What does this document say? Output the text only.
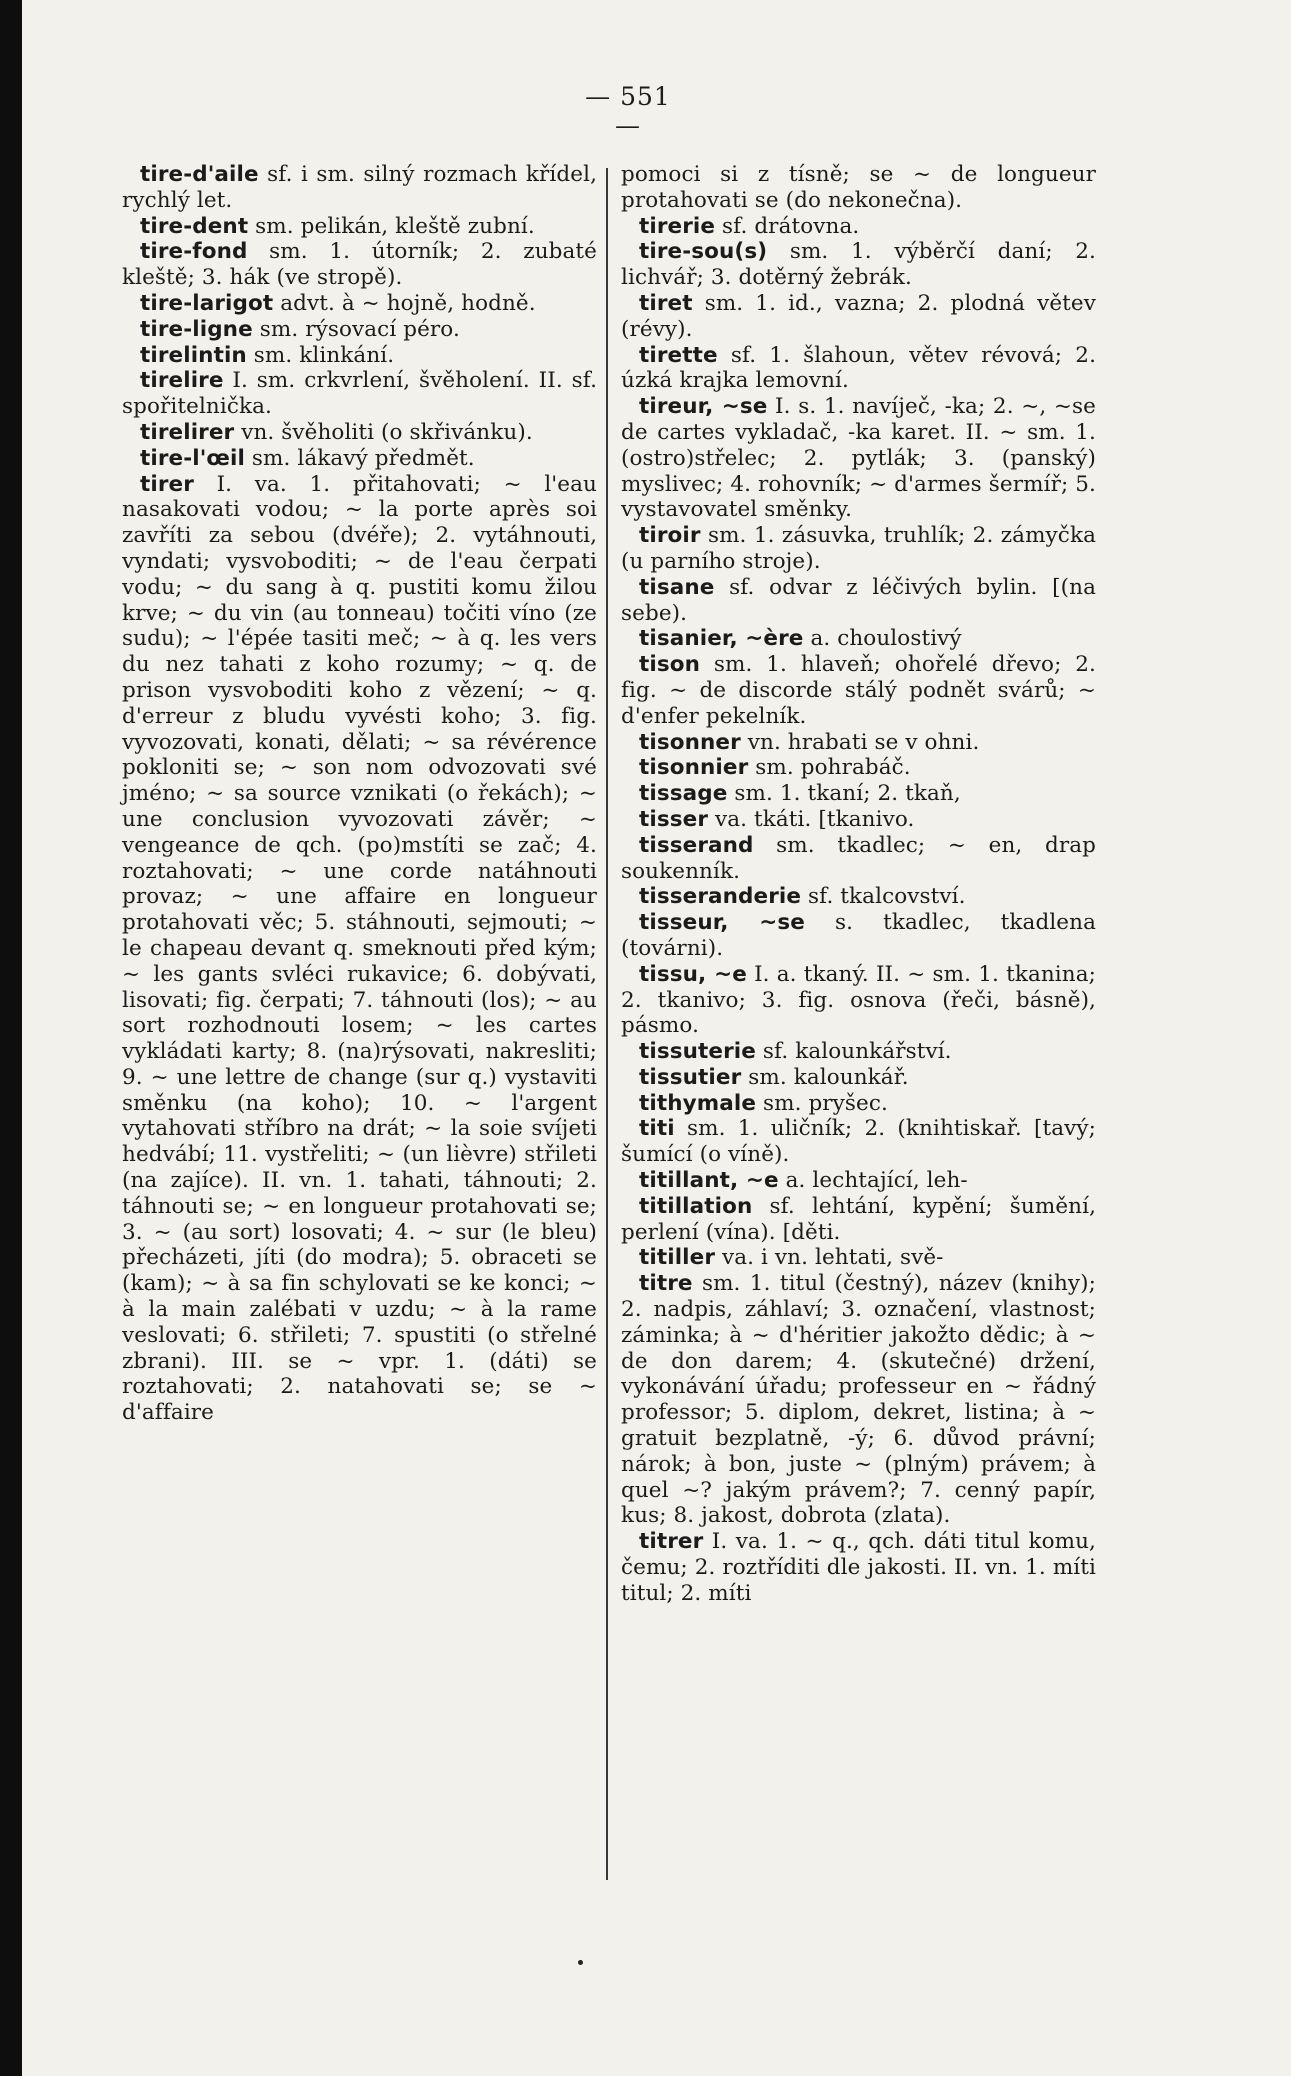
— 551 —
tire-d'aile sf. i sm. silný rozmach křídel, rychlý let.
tire-dent sm. pelikán, kleště zubní.
tire-fond sm. 1. útorník; 2. zubaté kleště; 3. hák (ve stropě).
tire-larigot advt. à ~ hojně, hodně.
tire-ligne sm. rýsovací péro.
tirelintin sm. klinkání.
tirelire I. sm. crkvrlení, švěholení. II. sf. spořitelnička.
tirelirer vn. švěholiti (o skřivánku).
tire-l'œil sm. lákavý předmět.
tirer I. va. 1. přitahovati; ~ l'eau nasakovati vodou; ~ la porte après soi zavříti za sebou (dvéře); 2. vytáhnouti, vyndati; vysvoboditi; ~ de l'eau čerpati vodu; ~ du sang à q. pustiti komu žilou krve; ~ du vin (au tonneau) točiti víno (ze sudu); ~ l'épée tasiti meč; ~ à q. les vers du nez tahati z koho rozumy; ~ q. de prison vysvoboditi koho z vězení; ~ q. d'erreur z bludu vyvésti koho; 3. fig. vyvozovati, konati, dělati; ~ sa révérence pokloniti se; ~ son nom odvozovati své jméno; ~ sa source vznikati (o řekách); ~ une conclusion vyvozovati závěr; ~ vengeance de qch. (po)mstíti se zač; 4. roztahovati; ~ une corde natáhnouti provaz; ~ une affaire en longueur protahovati věc; 5. stáhnouti, sejmouti; ~ le chapeau devant q. smeknouti před kým; ~ les gants svléci rukavice; 6. dobývati, lisovati; fig. čerpati; 7. táhnouti (los); ~ au sort rozhodnouti losem; ~ les cartes vykládati karty; 8. (na)rýsovati, nakresliti; 9. ~ une lettre de change (sur q.) vystaviti směnku (na koho); 10. ~ l'argent vytahovati stříbro na drát; ~ la soie svíjeti hedvábí; 11. vystřeliti; ~ (un lièvre) střileti (na zajíce). II. vn. 1. tahati, táhnouti; 2. táhnouti se; ~ en longueur protahovati se; 3. ~ (au sort) losovati; 4. ~ sur (le bleu) přecházeti, jíti (do modra); 5. obraceti se (kam); ~ à sa fin schylovati se ke konci; ~ à la main zalébati v uzdu; ~ à la rame veslovati; 6. střileti; 7. spustiti (o střelné zbrani). III. se ~ vpr. 1. (dáti) se roztahovati; 2. natahovati se; se ~ d'affaire
pomoci si z tísně; se ~ de longueur protahovati se (do nekonečna).
tirerie sf. drátovna.
tire-sou(s) sm. 1. výběrčí daní; 2. lichvář; 3. dotěrný žebrák.
tiret sm. 1. id., vazna; 2. plodná větev (révy).
tirette sf. 1. šlahoun, větev révová; 2. úzká krajka lemovní.
tireur, ~se I. s. 1. navíječ, -ka; 2. ~, ~se de cartes vykladač, -ka karet. II. ~ sm. 1. (ostro)střelec; 2. pytlák; 3. (panský) myslivec; 4. rohovník; ~ d'armes šermíř; 5. vystavovatel směnky.
tiroir sm. 1. zásuvka, truhlík; 2. zámyčka (u parního stroje).
tisane sf. odvar z léčivých bylin. [(na sebe).
tisanier, ~ère a. choulostivý
tison sm. 1. hlaveň; ohořelé dřevo; 2. fig. ~ de discorde stálý podnět svárů; ~ d'enfer pekelník.
tisonner vn. hrabati se v ohni.
tisonnier sm. pohrabáč.
tissage sm. 1. tkaní; 2. tkaň,
tisser va. tkáti. [tkanivo.
tisserand sm. tkadlec; ~ en, drap soukenník.
tisseranderie sf. tkalcovství.
tisseur, ~se s. tkadlec, tkadlena (továrni).
tissu, ~e I. a. tkaný. II. ~ sm. 1. tkanina; 2. tkanivo; 3. fig. osnova (řeči, básně), pásmo.
tissuterie sf. kalounkářství.
tissutier sm. kalounkář.
tithymale sm. pryšec.
titi sm. 1. uličník; 2. (knihtiskař. [tavý; šumící (o víně).
titillant, ~e a. lechtající, leh-
titillation sf. lehtání, kypění; šumění, perlení (vína). [děti.
titiller va. i vn. lehtati, svě-
titre sm. 1. titul (čestný), název (knihy); 2. nadpis, záhlaví; 3. označení, vlastnost; záminka; à ~ d'héritier jakožto dědic; à ~ de don darem; 4. (skutečné) držení, vykonávání úřadu; professeur en ~ řádný professor; 5. diplom, dekret, listina; à ~ gratuit bezplatně, -ý; 6. důvod právní; nárok; à bon, juste ~ (plným) právem; à quel ~? jakým právem?; 7. cenný papír, kus; 8. jakost, dobrota (zlata).
titrer I. va. 1. ~ q., qch. dáti titul komu, čemu; 2. roztříditi dle jakosti. II. vn. 1. míti titul; 2. míti
